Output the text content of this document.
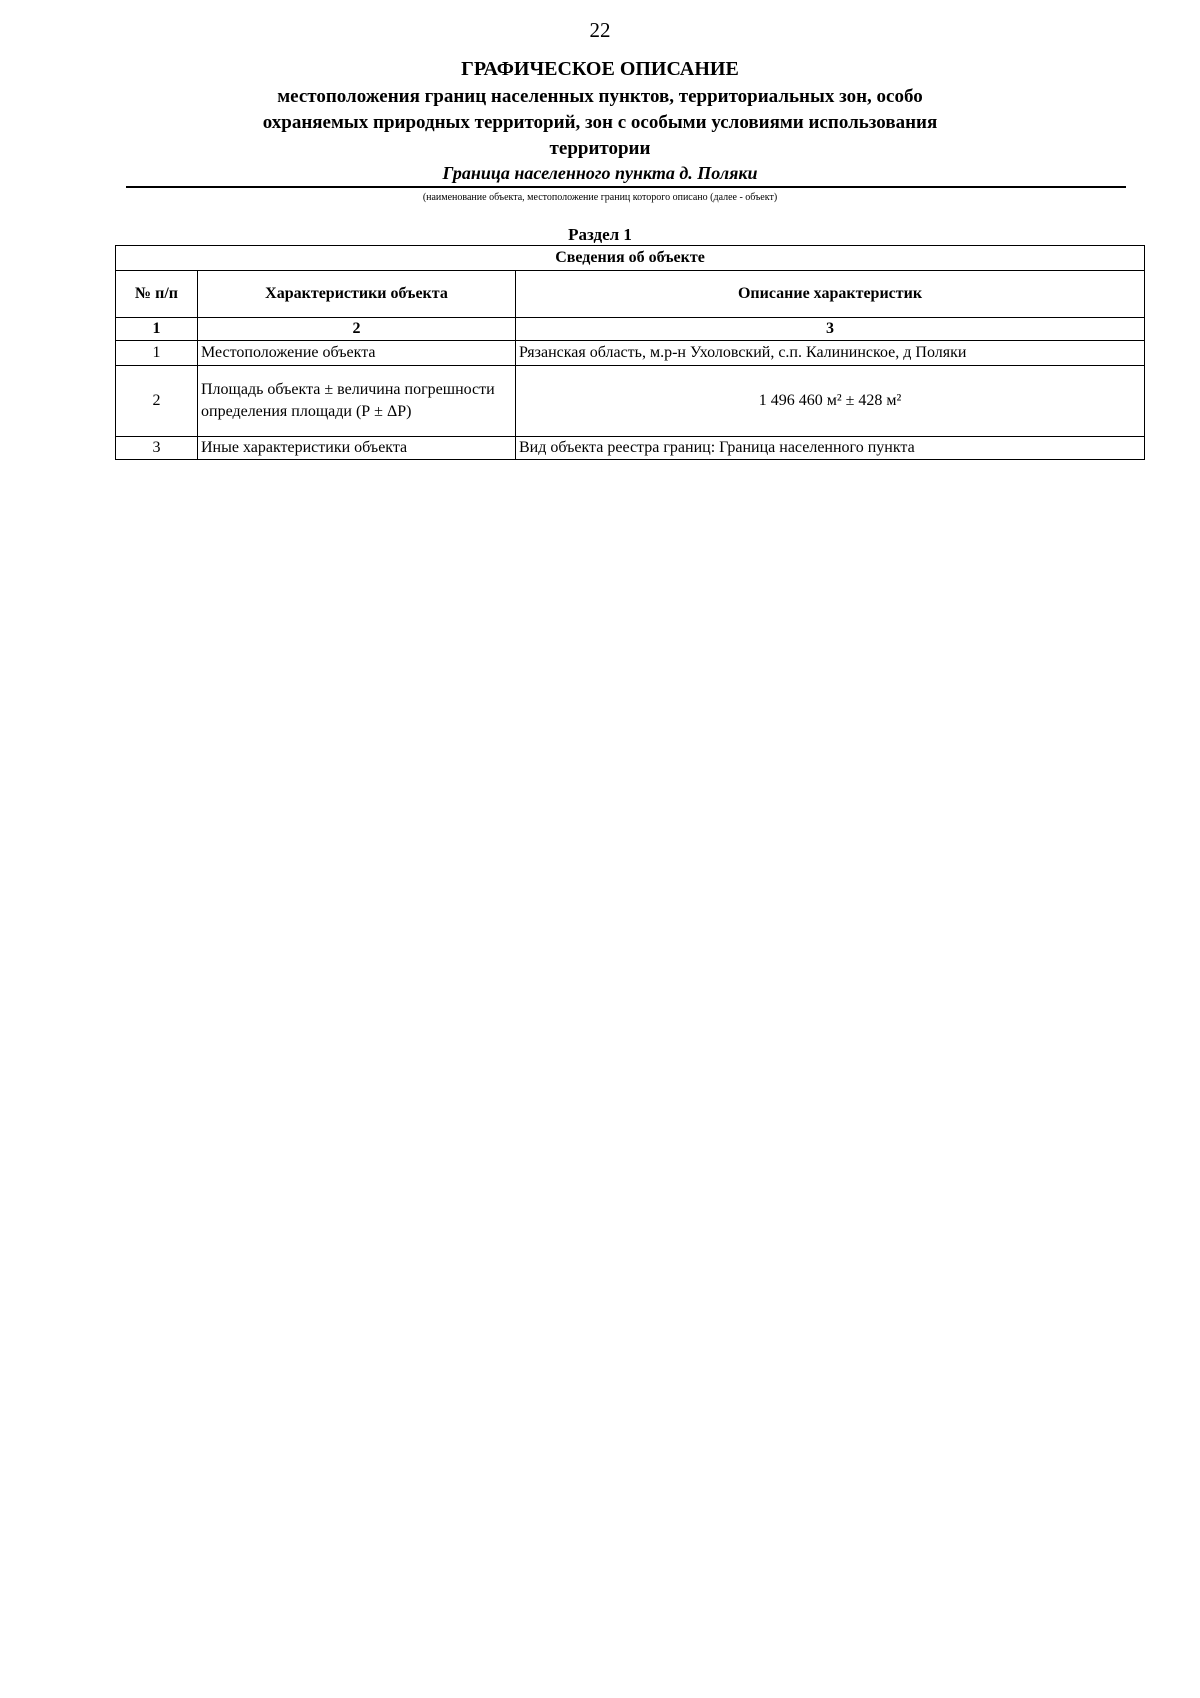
22
ГРАФИЧЕСКОЕ ОПИСАНИЕ
местоположения границ населенных пунктов, территориальных зон, особо охраняемых природных территорий, зон с особыми условиями использования территории
Граница населенного пункта д. Поляки
(наименование объекта, местоположение границ которого описано (далее - объект)
Раздел 1
Сведения об объекте		
№ п/п	Характеристики объекта	Описание характеристик
1	2	3
1	Местоположение объекта	Рязанская область, м.р-н Ухоловский, с.п. Калининское, д Поляки
2	Площадь объекта ± величина погрешности определения площади (Р ± ΔР)	1 496 460 м² ± 428 м²
3	Иные характеристики объекта	Вид объекта реестра границ: Граница населенного пункта
